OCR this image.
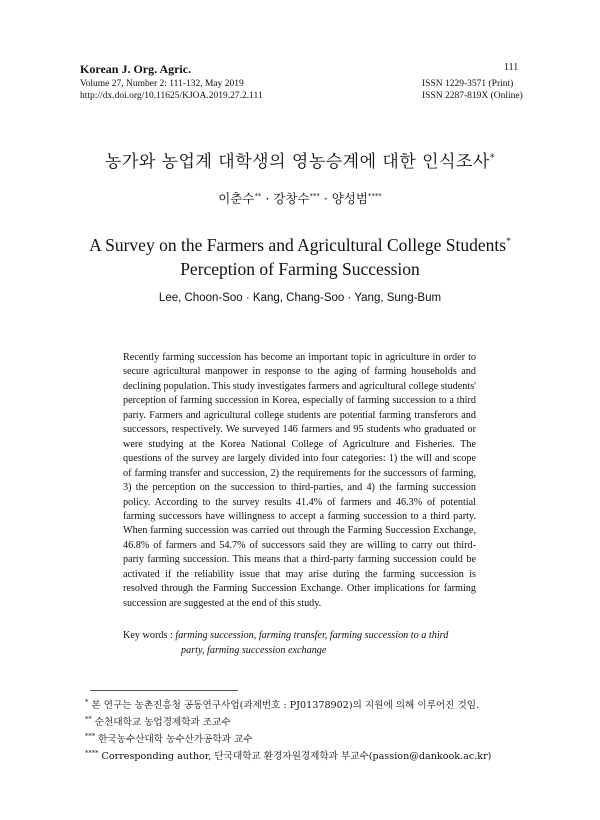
Korean J. Org. Agric.
Volume 27, Number 2: 111-132, May 2019
http://dx.doi.org/10.11625/KJOA.2019.27.2.111
111
ISSN 1229-3571 (Print)
ISSN 2287-819X (Online)
농가와 농업계 대학생의 영농승계에 대한 인식조사*
이춘수** · 강창수*** · 양성범****
A Survey on the Farmers and Agricultural College Students*
Perception of Farming Succession
Lee, Choon-Soo · Kang, Chang-Soo · Yang, Sung-Bum
Recently farming succession has become an important topic in agriculture in order to secure agricultural manpower in response to the aging of farming households and declining population. This study investigates farmers and agricultural college students' perception of farming succession in Korea, especially of farming succession to a third party. Farmers and agricultural college students are potential farming transferors and successors, respectively. We surveyed 146 farmers and 95 students who graduated or were studying at the Korea National College of Agriculture and Fisheries. The questions of the survey are largely divided into four categories: 1) the will and scope of farming transfer and succession, 2) the requirements for the successors of farming, 3) the perception on the succession to third-parties, and 4) the farming succession policy. According to the survey results 41.4% of farmers and 46.3% of potential farming successors have willingness to accept a farming succession to a third party. When farming succession was carried out through the Farming Succession Exchange, 46.8% of farmers and 54.7% of successors said they are willing to carry out third-party farming succession. This means that a third-party farming succession could be activated if the reliability issue that may arise during the farming succession is resolved through the Farming Succession Exchange. Other implications for farming succession are suggested at the end of this study.
Key words : farming succession, farming transfer, farming succession to a third
party, farming succession exchange
* 본 연구는 농촌진흥청 공동연구사업(과제번호 : PJ01378902)의 지원에 의해 이루어진 것임.
** 순천대학교 농업경제학과 조교수
*** 한국농수산대학 농수산가공학과 교수
**** Corresponding author, 단국대학교 환경자원경제학과 부교수(passion@dankook.ac.kr)
